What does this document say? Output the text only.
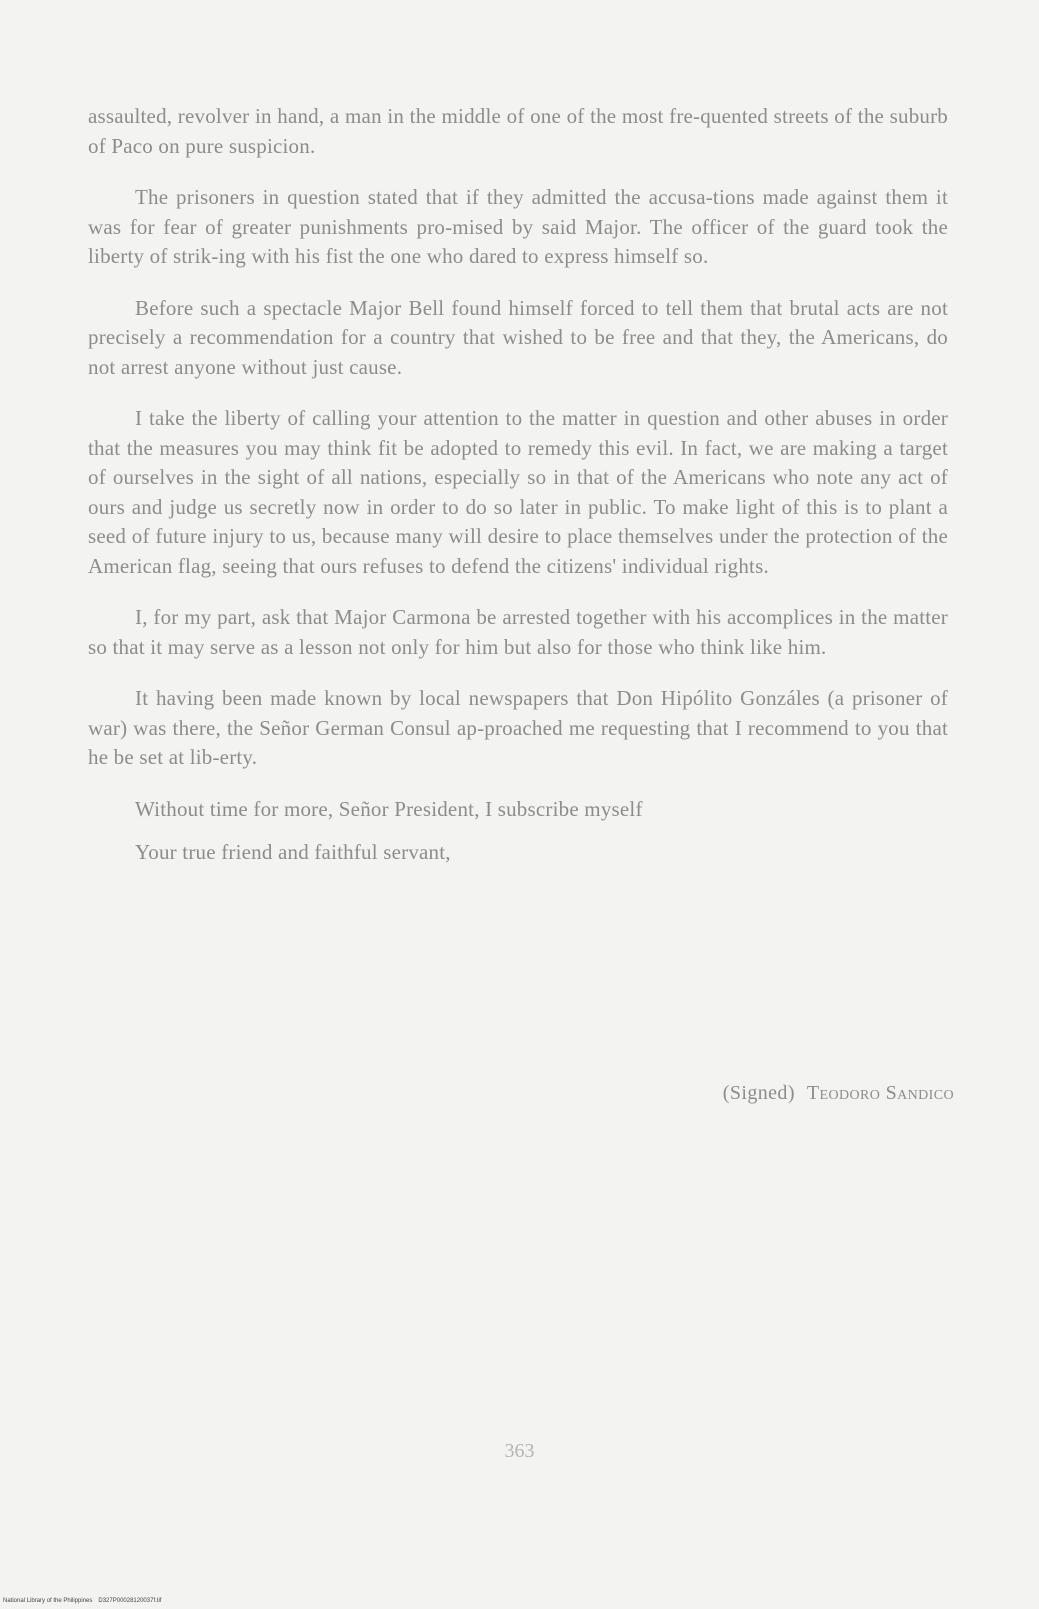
assaulted, revolver in hand, a man in the middle of one of the most fre-quented streets of the suburb of Paco on pure suspicion.

The prisoners in question stated that if they admitted the accusa-tions made against them it was for fear of greater punishments pro-mised by said Major. The officer of the guard took the liberty of strik-ing with his fist the one who dared to express himself so.

Before such a spectacle Major Bell found himself forced to tell them that brutal acts are not precisely a recommendation for a country that wished to be free and that they, the Americans, do not arrest anyone without just cause.

I take the liberty of calling your attention to the matter in question and other abuses in order that the measures you may think fit be adopted to remedy this evil. In fact, we are making a target of ourselves in the sight of all nations, especially so in that of the Americans who note any act of ours and judge us secretly now in order to do so later in public. To make light of this is to plant a seed of future injury to us, because many will desire to place themselves under the protection of the American flag, seeing that ours refuses to defend the citizens' individual rights.

I, for my part, ask that Major Carmona be arrested together with his accomplices in the matter so that it may serve as a lesson not only for him but also for those who think like him.

It having been made known by local newspapers that Don Hipólito Gonzáles (a prisoner of war) was there, the Señor German Consul ap-proached me requesting that I recommend to you that he be set at lib-erty.

Without time for more, Señor President, I subscribe myself

Your true friend and faithful servant,

(Signed) Teodoro Sandico
363
National Library of the Philippines D327P00028120037f.tif
